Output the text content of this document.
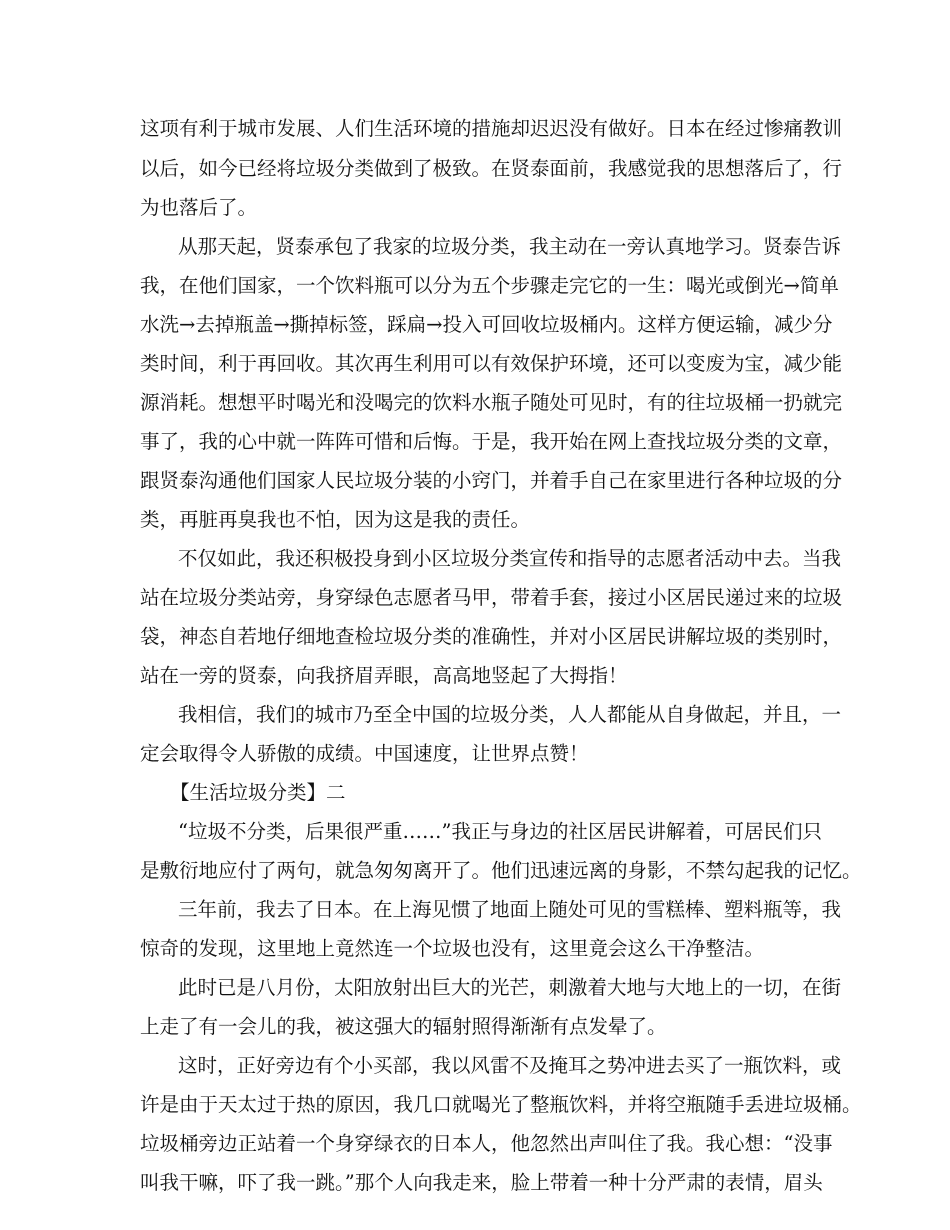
这项有利于城市发展、人们生活环境的措施却迟迟没有做好。日本在经过惨痛教训
以后，如今已经将垃圾分类做到了极致。在贤泰面前，我感觉我的思想落后了，行
为也落后了。
从那天起，贤泰承包了我家的垃圾分类，我主动在一旁认真地学习。贤泰告诉
我，在他们国家，一个饮料瓶可以分为五个步骤走完它的一生：喝光或倒光→简单
水洗→去掉瓶盖→撕掉标签，踩扁→投入可回收垃圾桶内。这样方便运输，减少分
类时间，利于再回收。其次再生利用可以有效保护环境，还可以变废为宝，减少能
源消耗。想想平时喝光和没喝完的饮料水瓶子随处可见时，有的往垃圾桶一扔就完
事了，我的心中就一阵阵可惜和后悔。于是，我开始在网上查找垃圾分类的文章，
跟贤泰沟通他们国家人民垃圾分装的小窍门，并着手自己在家里进行各种垃圾的分
类，再脏再臭我也不怕，因为这是我的责任。
不仅如此，我还积极投身到小区垃圾分类宣传和指导的志愿者活动中去。当我
站在垃圾分类站旁，身穿绿色志愿者马甲，带着手套，接过小区居民递过来的垃圾
袋，神态自若地仔细地查检垃圾分类的准确性，并对小区居民讲解垃圾的类别时，
站在一旁的贤泰，向我挤眉弄眼，高高地竖起了大拇指！
我相信，我们的城市乃至全中国的垃圾分类，人人都能从自身做起，并且，一
定会取得令人骄傲的成绩。中国速度，让世界点赞！
【生活垃圾分类】二
“垃圾不分类，后果很严重……”我正与身边的社区居民讲解着，可居民们只
是敷衍地应付了两句，就急匆匆离开了。他们迅速远离的身影，不禁勾起我的记忆。
三年前，我去了日本。在上海见惯了地面上随处可见的雪糕棒、塑料瓶等，我
惊奇的发现，这里地上竟然连一个垃圾也没有，这里竟会这么干净整洁。
此时已是八月份，太阳放射出巨大的光芒，刺激着大地与大地上的一切，在街
上走了有一会儿的我，被这强大的辐射照得渐渐有点发晕了。
这时，正好旁边有个小买部，我以风雷不及掩耳之势冲进去买了一瓶饮料，或
许是由于天太过于热的原因，我几口就喝光了整瓶饮料，并将空瓶随手丢进垃圾桶。
垃圾桶旁边正站着一个身穿绿衣的日本人，他忽然出声叫住了我。我心想：“没事
叫我干嘛，吓了我一跳。”那个人向我走来，脸上带着一种十分严肃的表情，眉头
